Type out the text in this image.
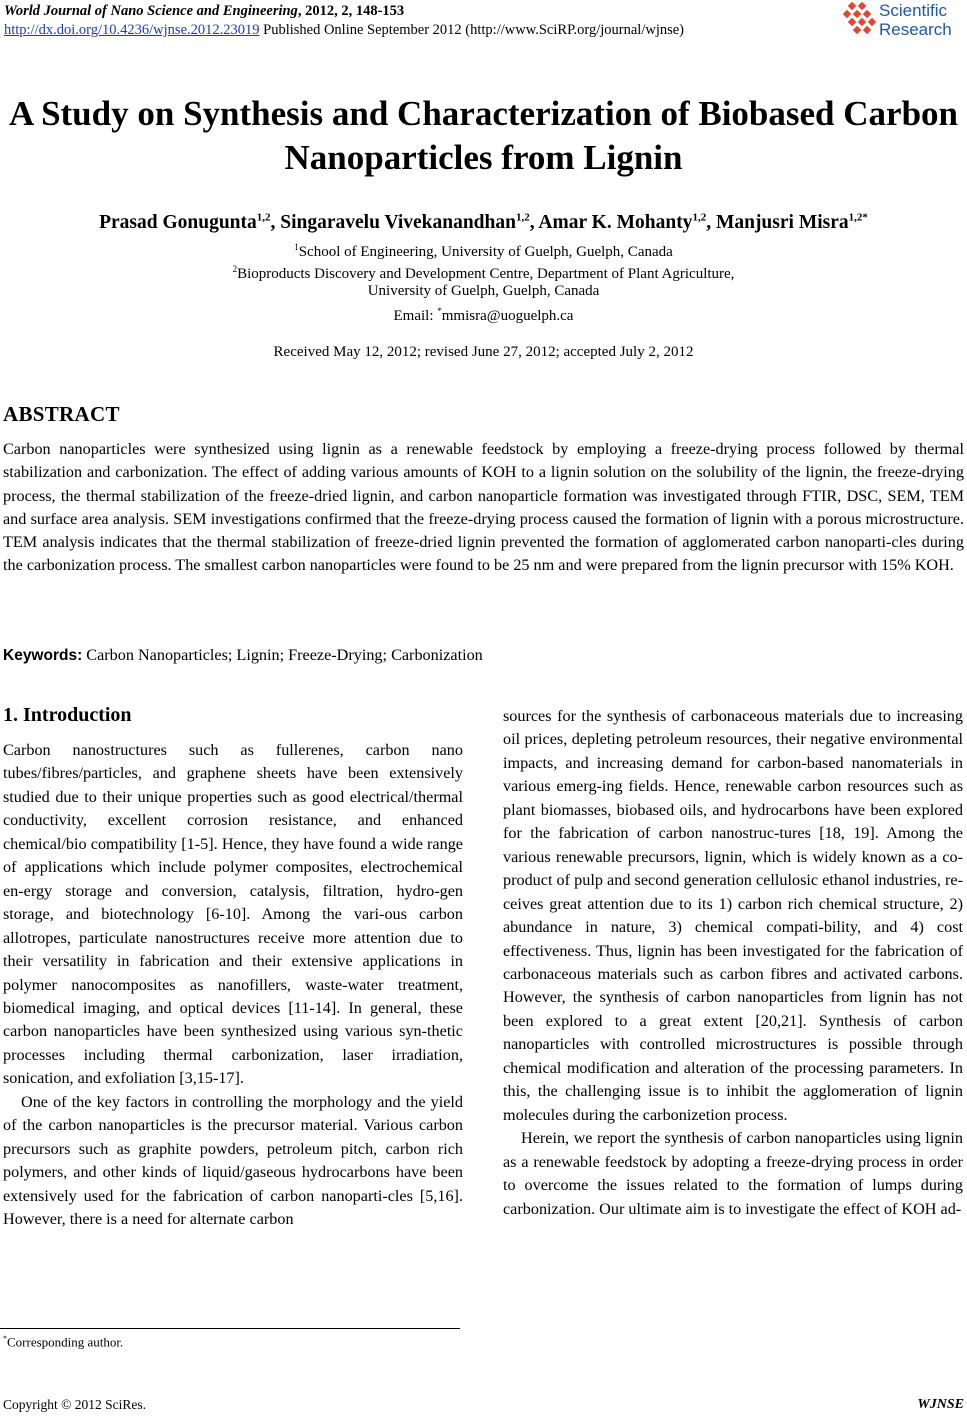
World Journal of Nano Science and Engineering, 2012, 2, 148-153
http://dx.doi.org/10.4236/wjnse.2012.23019 Published Online September 2012 (http://www.SciRP.org/journal/wjnse)
Scientific
Research
A Study on Synthesis and Characterization of Biobased Carbon Nanoparticles from Lignin
Prasad Gonugunta$^{1,2}$, Singaravelu Vivekanandhan$^{1,2}$, Amar K. Mohanty$^{1,2}$, Manjusri Misra$^{1,2*}$
$^1$School of Engineering, University of Guelph, Guelph, Canada
$^2$Bioproducts Discovery and Development Centre, Department of Plant Agriculture,
University of Guelph, Guelph, Canada
Email: *mmisra@uoguelph.ca
Received May 12, 2012; revised June 27, 2012; accepted July 2, 2012
ABSTRACT
Carbon nanoparticles were synthesized using lignin as a renewable feedstock by employing a freeze-drying process followed by thermal stabilization and carbonization. The effect of adding various amounts of KOH to a lignin solution on the solubility of the lignin, the freeze-drying process, the thermal stabilization of the freeze-dried lignin, and carbon nanoparticle formation was investigated through FTIR, DSC, SEM, TEM and surface area analysis. SEM investigations confirmed that the freeze-drying process caused the formation of lignin with a porous microstructure. TEM analysis indicates that the thermal stabilization of freeze-dried lignin prevented the formation of agglomerated carbon nanoparti-cles during the carbonization process. The smallest carbon nanoparticles were found to be 25 nm and were prepared from the lignin precursor with 15% KOH.
Keywords: Carbon Nanoparticles; Lignin; Freeze-Drying; Carbonization
1. Introduction

Carbon nanostructures such as fullerenes, carbon nano tubes/fibres/particles, and graphene sheets have been extensively studied due to their unique properties such as good electrical/thermal conductivity, excellent corrosion resistance, and enhanced chemical/bio compatibility [1-5]. Hence, they have found a wide range of applications which include polymer composites, electrochemical en-ergy storage and conversion, catalysis, filtration, hydro-gen storage, and biotechnology [6-10]. Among the vari-ous carbon allotropes, particulate nanostructures receive more attention due to their versatility in fabrication and their extensive applications in polymer nanocomposites as nanofillers, waste-water treatment, biomedical imaging, and optical devices [11-14]. In general, these carbon nanoparticles have been synthesized using various syn-thetic processes including thermal carbonization, laser irradiation, sonication, and exfoliation [3,15-17].

One of the key factors in controlling the morphology and the yield of the carbon nanoparticles is the precursor material. Various carbon precursors such as graphite powders, petroleum pitch, carbon rich polymers, and other kinds of liquid/gaseous hydrocarbons have been extensively used for the fabrication of carbon nanoparti-cles [5,16]. However, there is a need for alternate carbon

sources for the synthesis of carbonaceous materials due to increasing oil prices, depleting petroleum resources, their negative environmental impacts, and increasing demand for carbon-based nanomaterials in various emerg-ing fields. Hence, renewable carbon resources such as plant biomasses, biobased oils, and hydrocarbons have been explored for the fabrication of carbon nanostruc-tures [18, 19]. Among the various renewable precursors, lignin, which is widely known as a co-product of pulp and second generation cellulosic ethanol industries, re-ceives great attention due to its 1) carbon rich chemical structure, 2) abundance in nature, 3) chemical compati-bility, and 4) cost effectiveness. Thus, lignin has been investigated for the fabrication of carbonaceous materials such as carbon fibres and activated carbons. However, the synthesis of carbon nanoparticles from lignin has not been explored to a great extent [20,21]. Synthesis of carbon nanoparticles with controlled microstructures is possible through chemical modification and alteration of the processing parameters. In this, the challenging issue is to inhibit the agglomeration of lignin molecules during the carbonizetion process.

Herein, we report the synthesis of carbon nanoparticles using lignin as a renewable feedstock by adopting a freeze-drying process in order to overcome the issues related to the formation of lumps during carbonization. Our ultimate aim is to investigate the effect of KOH ad-

*Corresponding author.
Copyright © 2012 SciRes.	WJNSE
